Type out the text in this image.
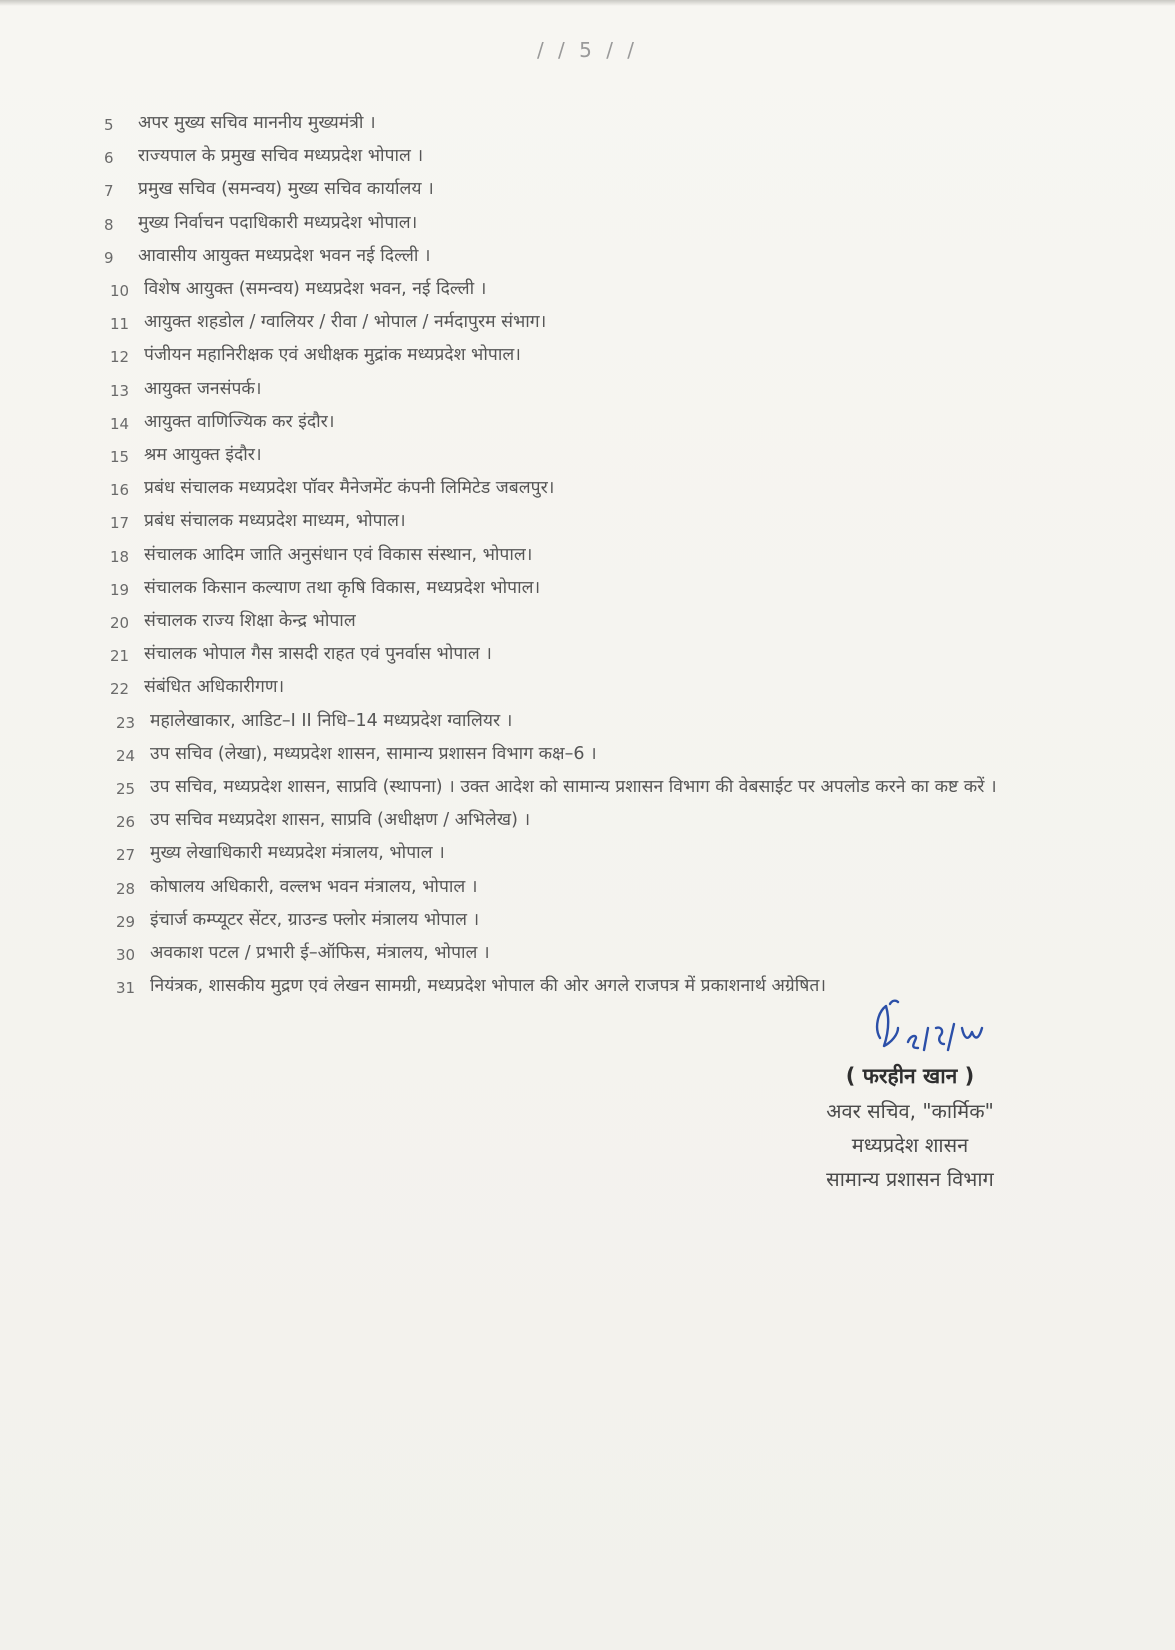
/ / 5 / /
5	अपर मुख्य सचिव माननीय मुख्यमंत्री ।
6	राज्यपाल के प्रमुख सचिव मध्यप्रदेश भोपाल ।
7	प्रमुख सचिव (समन्वय) मुख्य सचिव कार्यालय ।
8	मुख्य निर्वाचन पदाधिकारी मध्यप्रदेश भोपाल।
9	आवासीय आयुक्त मध्यप्रदेश भवन नई दिल्ली ।
10 विशेष आयुक्त (समन्वय) मध्यप्रदेश भवन, नई दिल्ली ।
11 आयुक्त शहडोल / ग्वालियर / रीवा / भोपाल / नर्मदापुरम संभाग।
12 पंजीयन महानिरीक्षक एवं अधीक्षक मुद्रांक मध्यप्रदेश भोपाल।
13 आयुक्त जनसंपर्क।
14 आयुक्त वाणिज्यिक कर इंदौर।
15 श्रम आयुक्त इंदौर।
16 प्रबंध संचालक मध्यप्रदेश पॉवर मैनेजमेंट कंपनी लिमिटेड जबलपुर।
17 प्रबंध संचालक मध्यप्रदेश माध्यम, भोपाल।
18 संचालक आदिम जाति अनुसंधान एवं विकास संस्थान, भोपाल।
19 संचालक किसान कल्याण तथा कृषि विकास, मध्यप्रदेश भोपाल।
20 संचालक राज्य शिक्षा केन्द्र भोपाल
21 संचालक भोपाल गैस त्रासदी राहत एवं पुनर्वास भोपाल ।
22 संबंधित अधिकारीगण।
23 महालेखाकार, आडिट–I II निधि–14 मध्यप्रदेश ग्वालियर ।
24 उप सचिव (लेखा), मध्यप्रदेश शासन, सामान्य प्रशासन विभाग कक्ष–6 ।
25 उप सचिव, मध्यप्रदेश शासन, साप्रवि (स्थापना) । उक्त आदेश को सामान्य प्रशासन विभाग की वेबसाईट पर अपलोड करने का कष्ट करें ।
26 उप सचिव मध्यप्रदेश शासन, साप्रवि (अधीक्षण / अभिलेख) ।
27 मुख्य लेखाधिकारी मध्यप्रदेश मंत्रालय, भोपाल ।
28 कोषालय अधिकारी, वल्लभ भवन मंत्रालय, भोपाल ।
29 इंचार्ज कम्प्यूटर सेंटर, ग्राउन्ड फ्लोर मंत्रालय भोपाल ।
30 अवकाश पटल / प्रभारी ई–ऑफिस, मंत्रालय, भोपाल ।
31 नियंत्रक, शासकीय मुद्रण एवं लेखन सामग्री, मध्यप्रदेश भोपाल की ओर अगले राजपत्र में प्रकाशनार्थ अग्रेषित।
( फरहीन खान )
अवर सचिव, "कार्मिक"
मध्यप्रदेश शासन
सामान्य प्रशासन विभाग
